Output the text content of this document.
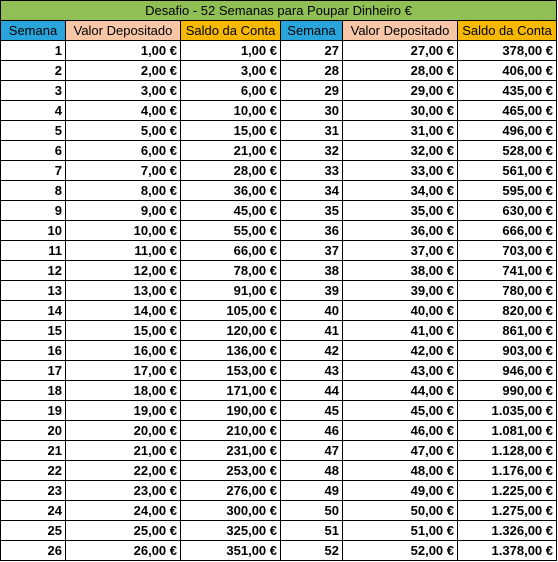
Desafio - 52 Semanas para Poupar Dinheiro €					
Semana	Valor Depositado	Saldo da Conta	Semana	Valor Depositado	Saldo da Conta
1	1,00 €	1,00 €	27	27,00 €	378,00 €
2	2,00 €	3,00 €	28	28,00 €	406,00 €
3	3,00 €	6,00 €	29	29,00 €	435,00 €
4	4,00 €	10,00 €	30	30,00 €	465,00 €
5	5,00 €	15,00 €	31	31,00 €	496,00 €
6	6,00 €	21,00 €	32	32,00 €	528,00 €
7	7,00 €	28,00 €	33	33,00 €	561,00 €
8	8,00 €	36,00 €	34	34,00 €	595,00 €
9	9,00 €	45,00 €	35	35,00 €	630,00 €
10	10,00 €	55,00 €	36	36,00 €	666,00 €
11	11,00 €	66,00 €	37	37,00 €	703,00 €
12	12,00 €	78,00 €	38	38,00 €	741,00 €
13	13,00 €	91,00 €	39	39,00 €	780,00 €
14	14,00 €	105,00 €	40	40,00 €	820,00 €
15	15,00 €	120,00 €	41	41,00 €	861,00 €
16	16,00 €	136,00 €	42	42,00 €	903,00 €
17	17,00 €	153,00 €	43	43,00 €	946,00 €
18	18,00 €	171,00 €	44	44,00 €	990,00 €
19	19,00 €	190,00 €	45	45,00 €	1.035,00 €
20	20,00 €	210,00 €	46	46,00 €	1.081,00 €
21	21,00 €	231,00 €	47	47,00 €	1.128,00 €
22	22,00 €	253,00 €	48	48,00 €	1.176,00 €
23	23,00 €	276,00 €	49	49,00 €	1.225,00 €
24	24,00 €	300,00 €	50	50,00 €	1.275,00 €
25	25,00 €	325,00 €	51	51,00 €	1.326,00 €
26	26,00 €	351,00 €	52	52,00 €	1.378,00 €
